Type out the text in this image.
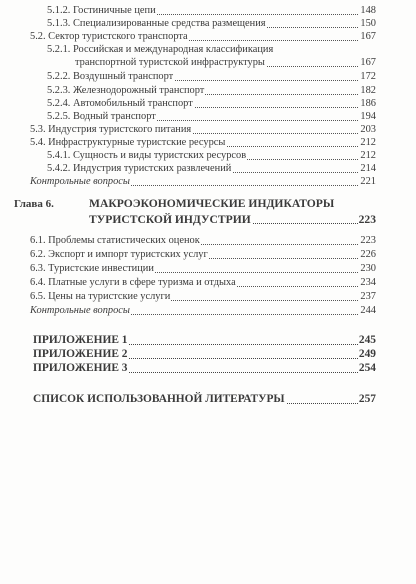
5.1.2. Гостиничные цепи	148
5.1.3. Специализированные средства размещения	150
5.2. Сектор туристского транспорта	167
5.2.1. Российская и международная классификация
транспортной туристской инфраструктуры	167
5.2.2. Воздушный транспорт	172
5.2.3. Железнодорожный транспорт	182
5.2.4. Автомобильный транспорт	186
5.2.5. Водный транспорт	194
5.3. Индустрия туристского питания	203
5.4. Инфраструктурные туристские ресурсы	212
5.4.1. Сущность и виды туристских ресурсов	212
5.4.2. Индустрия туристских развлечений	214
Контрольные вопросы	221
Глава 6.	МАКРОЭКОНОМИЧЕСКИЕ ИНДИКАТОРЫ
ТУРИСТСКОЙ ИНДУСТРИИ	223
6.1. Проблемы статистических оценок	223
6.2. Экспорт и импорт туристских услуг	226
6.3. Туристские инвестиции	230
6.4. Платные услуги в сфере туризма и отдыха	234
6.5. Цены на туристские услуги	237
Контрольные вопросы	244
ПРИЛОЖЕНИЕ 1	245
ПРИЛОЖЕНИЕ 2	249
ПРИЛОЖЕНИЕ 3	254
СПИСОК ИСПОЛЬЗОВАННОЙ ЛИТЕРАТУРЫ	257
